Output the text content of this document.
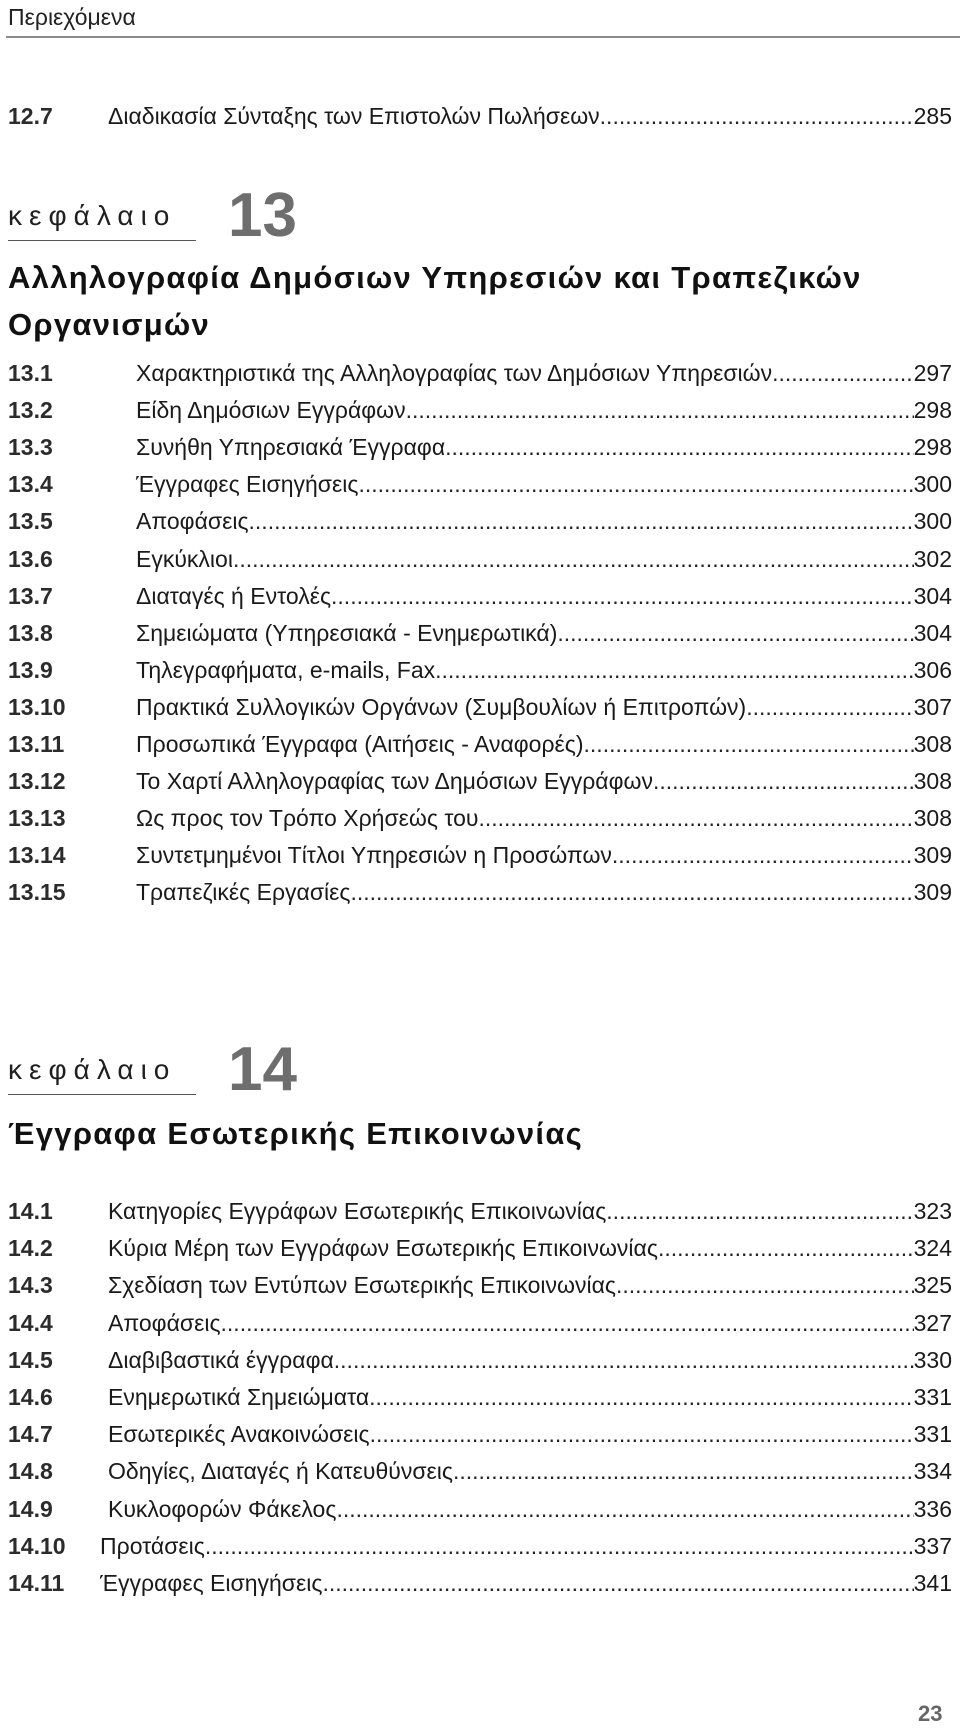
Περιεχόμενα
12.7 Διαδικασία Σύνταξης των Επιστολών Πωλήσεων .....	285
κεφάλαιο 13
Αλληλογραφία Δημόσιων Υπηρεσιών και Τραπεζικών
Οργανισμών
13.1	Χαρακτηριστικά της Αλληλογραφίας των Δημόσιων Υπηρεσιών .....	297
13.2	Είδη Δημόσιων Εγγράφων .....	298
13.3	Συνήθη Υπηρεσιακά Έγγραφα .....	298
13.4	Έγγραφες Εισηγήσεις .....	300
13.5	Αποφάσεις .....	300
13.6	Εγκύκλιοι .....	302
13.7	Διαταγές ή Εντολές .....	304
13.8	Σημειώματα (Υπηρεσιακά - Ενημερωτικά) .....	304
13.9	Τηλεγραφήματα, e-mails, Fax .....	306
13.10	Πρακτικά Συλλογικών Οργάνων (Συμβουλίων ή Επιτροπών) .....	307
13.11	Προσωπικά Έγγραφα (Αιτήσεις - Αναφορές) .....	308
13.12	Το Χαρτί Αλληλογραφίας των Δημόσιων Εγγράφων .....	308
13.13	Ως προς τον Τρόπο Χρήσεώς του .....	308
13.14	Συντετμημένοι Τίτλοι Υπηρεσιών η Προσώπων .....	309
13.15	Τραπεζικές Εργασίες .....	309
κεφάλαιο 14
Έγγραφα Εσωτερικής Επικοινωνίας
14.1 Κατηγορίες Εγγράφων Εσωτερικής Επικοινωνίας .....	323
14.2 Κύρια Μέρη των Εγγράφων Εσωτερικής Επικοινωνίας .....	324
14.3 Σχεδίαση των Εντύπων Εσωτερικής Επικοινωνίας .....	325
14.4 Αποφάσεις .....	327
14.5 Διαβιβαστικά έγγραφα .....	330
14.6 Ενημερωτικά Σημειώματα .....	331
14.7 Εσωτερικές Ανακοινώσεις .....	331
14.8 Οδηγίες, Διαταγές ή Κατευθύνσεις .....	334
14.9 Κυκλοφορών Φάκελος .....	336
14.10 Προτάσεις .....	337
14.11 Έγγραφες Εισηγήσεις .....	341
23
